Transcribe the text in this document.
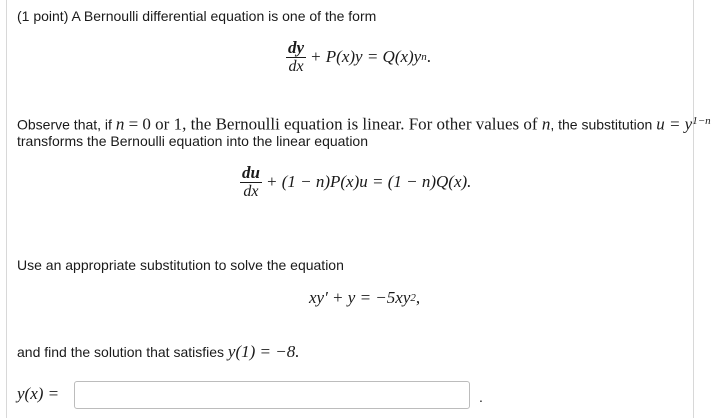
(1 point) A Bernoulli differential equation is one of the form
$\frac{dy}{dx} + P(x)y = Q(x)y$ n .
Observe that, if n = 0 or 1, the Bernoulli equation is linear. For other values of n, the substitution $u = y^{1-n}$
transforms the Bernoulli equation into the linear equation
$\frac{du}{dx} + (1 - n)P(x)u = (1 - n)Q(x)$.
Use an appropriate substitution to solve the equation
xy′ + y = −5xy 2 ,
and find the solution that satisfies y(1) = −8.
y(x) =	.
